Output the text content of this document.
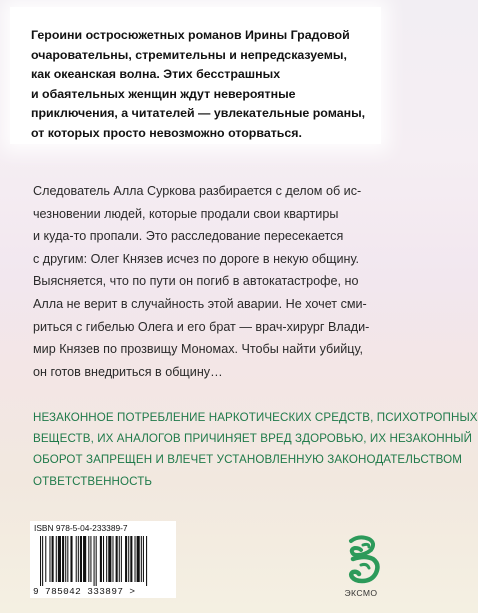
Героини остросюжетных романов Ирины Градовой
очаровательны, стремительны и непредсказуемы,
как океанская волна. Этих бесстрашных
и обаятельных женщин ждут невероятные
приключения, а читателей — увлекательные романы,
от которых просто невозможно оторваться.
Следователь Алла Суркова разбирается с делом об ис-
чезновении людей, которые продали свои квартиры
и куда-то пропали. Это расследование пересекается
с другим: Олег Князев исчез по дороге в некую общину.
Выясняется, что по пути он погиб в автокатастрофе, но
Алла не верит в случайность этой аварии. Не хочет сми-
риться с гибелью Олега и его брат — врач-хирург Влади-
мир Князев по прозвищу Мономах. Чтобы найти убийцу,
он готов внедриться в общину…
НЕЗАКОННОЕ ПОТРЕБЛЕНИЕ НАРКОТИЧЕСКИХ СРЕДСТВ, ПСИХОТРОПНЫХ
ВЕЩЕСТВ, ИХ АНАЛОГОВ ПРИЧИНЯЕТ ВРЕД ЗДОРОВЬЮ, ИХ НЕЗАКОННЫЙ
ОБОРОТ ЗАПРЕЩЕН И ВЛЕЧЕТ УСТАНОВЛЕННУЮ ЗАКОНОДАТЕЛЬСТВОМ
ОТВЕТСТВЕННОСТЬ
ISBN 978-5-04-233389-7
9 785042 333897 >	ЭКСМО
